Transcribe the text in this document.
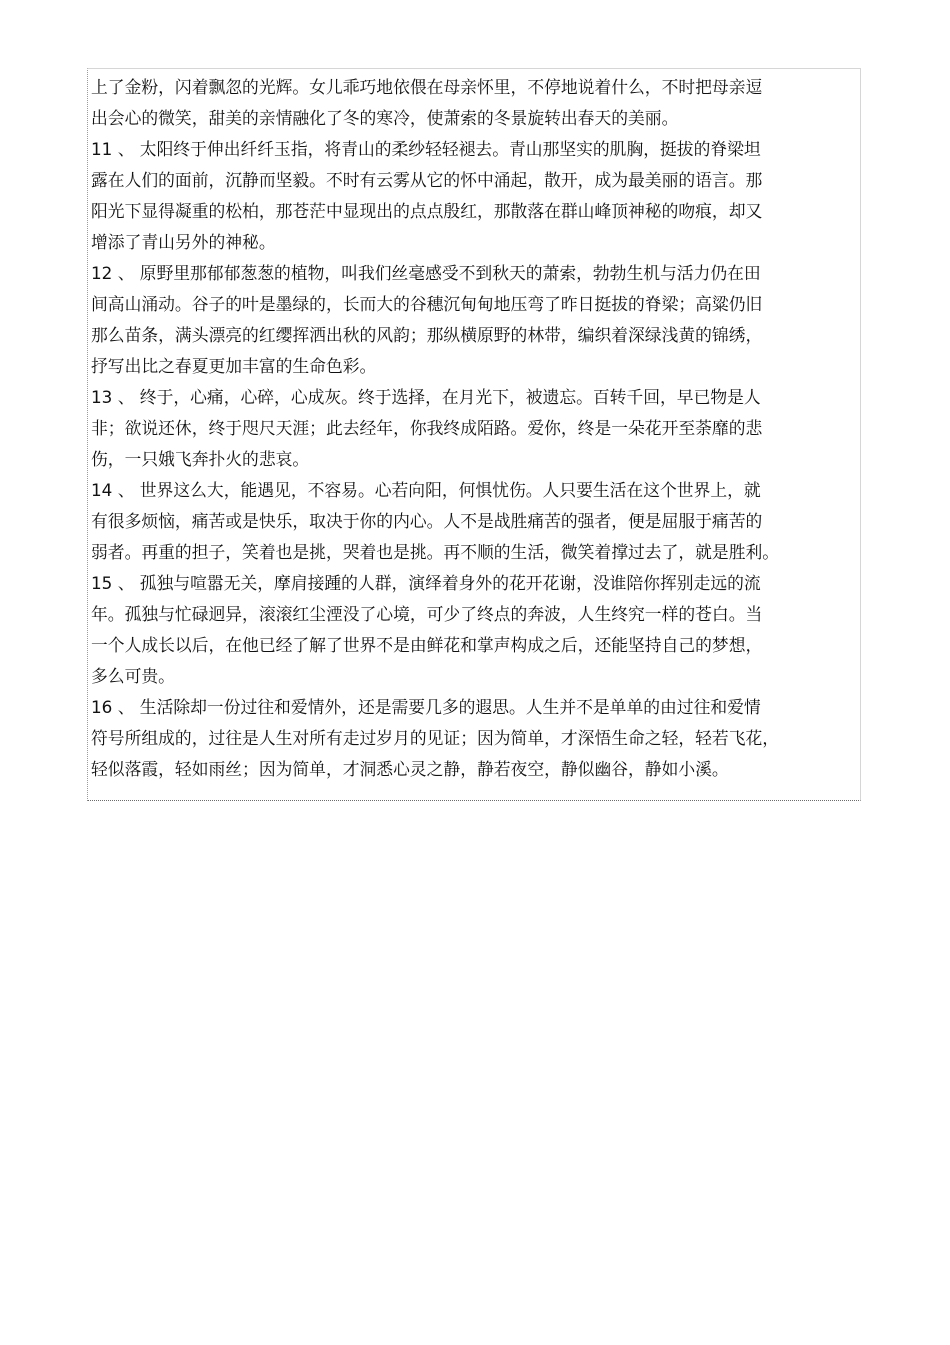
上了金粉，闪着飘忽的光辉。女儿乖巧地依偎在母亲怀里，不停地说着什么，不时把母亲逗
出会心的微笑，甜美的亲情融化了冬的寒冷，使萧索的冬景旋转出春天的美丽。
11 、 太阳终于伸出纤纤玉指，将青山的柔纱轻轻褪去。青山那坚实的肌胸，挺拔的脊梁坦
露在人们的面前，沉静而坚毅。不时有云雾从它的怀中涌起，散开，成为最美丽的语言。那
阳光下显得凝重的松柏，那苍茫中显现出的点点殷红，那散落在群山峰顶神秘的吻痕，却又
增添了青山另外的神秘。
12 、 原野里那郁郁葱葱的植物，叫我们丝毫感受不到秋天的萧索，勃勃生机与活力仍在田
间高山涌动。谷子的叶是墨绿的，长而大的谷穗沉甸甸地压弯了昨日挺拔的脊梁；高粱仍旧
那么苗条，满头漂亮的红缨挥洒出秋的风韵；那纵横原野的林带，编织着深绿浅黄的锦绣，
抒写出比之春夏更加丰富的生命色彩。
13 、 终于，心痛，心碎，心成灰。终于选择，在月光下，被遗忘。百转千回，早已物是人
非；欲说还休，终于咫尺天涯；此去经年，你我终成陌路。爱你，终是一朵花开至荼靡的悲
伤，一只娥飞奔扑火的悲哀。
14 、 世界这么大，能遇见，不容易。心若向阳，何惧忧伤。人只要生活在这个世界上，就
有很多烦恼，痛苦或是快乐，取决于你的内心。人不是战胜痛苦的强者，便是屈服于痛苦的
弱者。再重的担子，笑着也是挑，哭着也是挑。再不顺的生活，微笑着撑过去了，就是胜利。
15 、 孤独与喧嚣无关，摩肩接踵的人群，演绎着身外的花开花谢，没谁陪你挥别走远的流
年。孤独与忙碌迥异，滚滚红尘湮没了心境，可少了终点的奔波，人生终究一样的苍白。当
一个人成长以后，在他已经了解了世界不是由鲜花和掌声构成之后，还能坚持自己的梦想，
多么可贵。
16 、 生活除却一份过往和爱情外，还是需要几多的遐思。人生并不是单单的由过往和爱情
符号所组成的，过往是人生对所有走过岁月的见证；因为简单，才深悟生命之轻，轻若飞花，
轻似落霞，轻如雨丝；因为简单，才洞悉心灵之静，静若夜空，静似幽谷，静如小溪。
